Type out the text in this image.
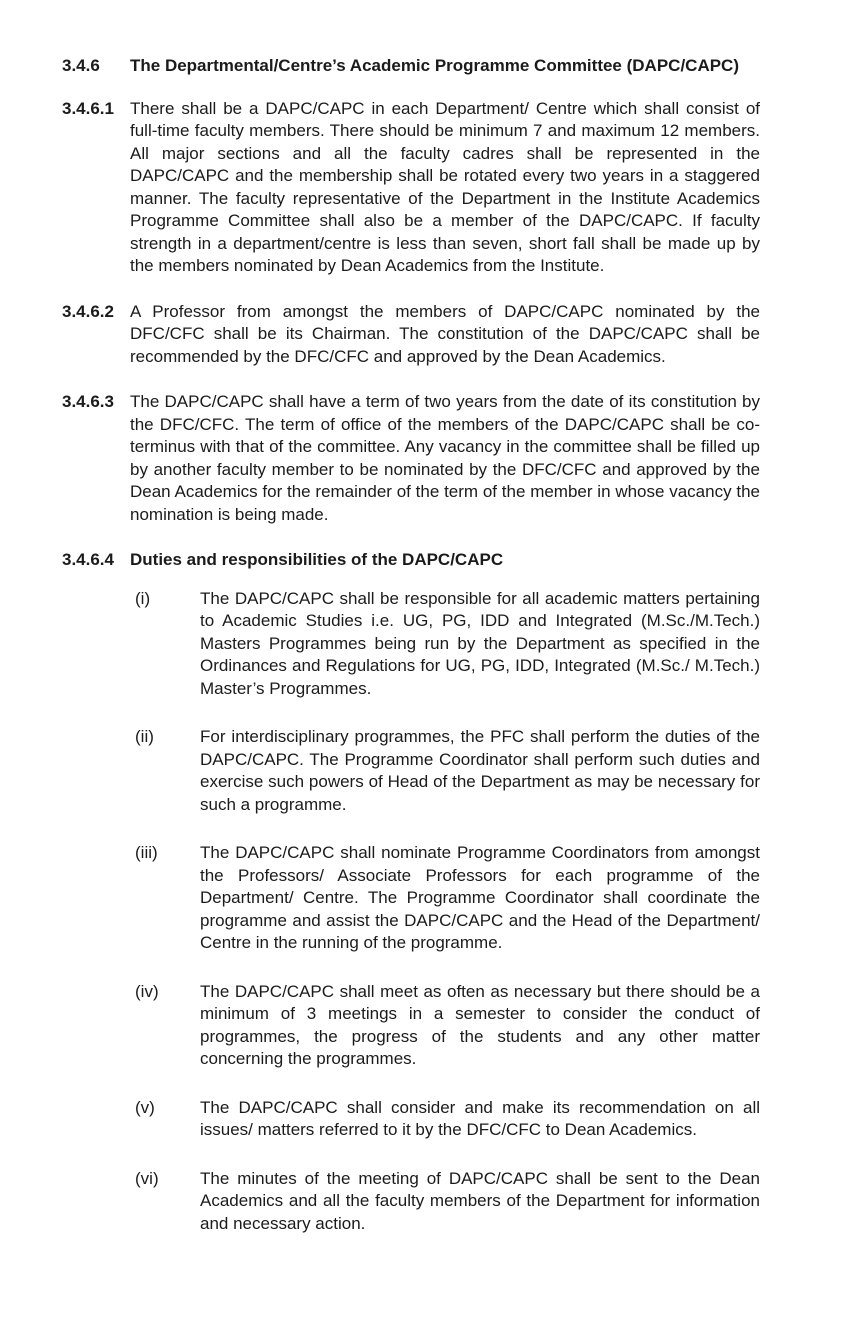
3.4.6	The Departmental/Centre’s Academic Programme Committee (DAPC/CAPC)
3.4.6.1 There shall be a DAPC/CAPC in each Department/ Centre which shall consist of full-time faculty members. There should be minimum 7 and maximum 12 members. All major sections and all the faculty cadres shall be represented in the DAPC/CAPC and the membership shall be rotated every two years in a staggered manner. The faculty representative of the Department in the Institute Academics Programme Committee shall also be a member of the DAPC/CAPC. If faculty strength in a department/centre is less than seven, short fall shall be made up by the members nominated by Dean Academics from the Institute.
3.4.6.2 A Professor from amongst the members of DAPC/CAPC nominated by the DFC/CFC shall be its Chairman. The constitution of the DAPC/CAPC shall be recommended by the DFC/CFC and approved by the Dean Academics.
3.4.6.3 The DAPC/CAPC shall have a term of two years from the date of its constitution by the DFC/CFC. The term of office of the members of the DAPC/CAPC shall be co-terminus with that of the committee. Any vacancy in the committee shall be filled up by another faculty member to be nominated by the DFC/CFC and approved by the Dean Academics for the remainder of the term of the member in whose vacancy the nomination is being made.
3.4.6.4 Duties and responsibilities of the DAPC/CAPC
(i)	The DAPC/CAPC shall be responsible for all academic matters pertaining to Academic Studies i.e. UG, PG, IDD and Integrated (M.Sc./M.Tech.) Masters Programmes being run by the Department as specified in the Ordinances and Regulations for UG, PG, IDD, Integrated (M.Sc./ M.Tech.) Master’s Programmes.
(ii)	For interdisciplinary programmes, the PFC shall perform the duties of the DAPC/CAPC. The Programme Coordinator shall perform such duties and exercise such powers of Head of the Department as may be necessary for such a programme.
(iii)	The DAPC/CAPC shall nominate Programme Coordinators from amongst the Professors/ Associate Professors for each programme of the Department/ Centre. The Programme Coordinator shall coordinate the programme and assist the DAPC/CAPC and the Head of the Department/ Centre in the running of the programme.
(iv)	The DAPC/CAPC shall meet as often as necessary but there should be a minimum of 3 meetings in a semester to consider the conduct of programmes, the progress of the students and any other matter concerning the programmes.
(v)	The DAPC/CAPC shall consider and make its recommendation on all issues/ matters referred to it by the DFC/CFC to Dean Academics.
(vi)	The minutes of the meeting of DAPC/CAPC shall be sent to the Dean Academics and all the faculty members of the Department for information and necessary action.
